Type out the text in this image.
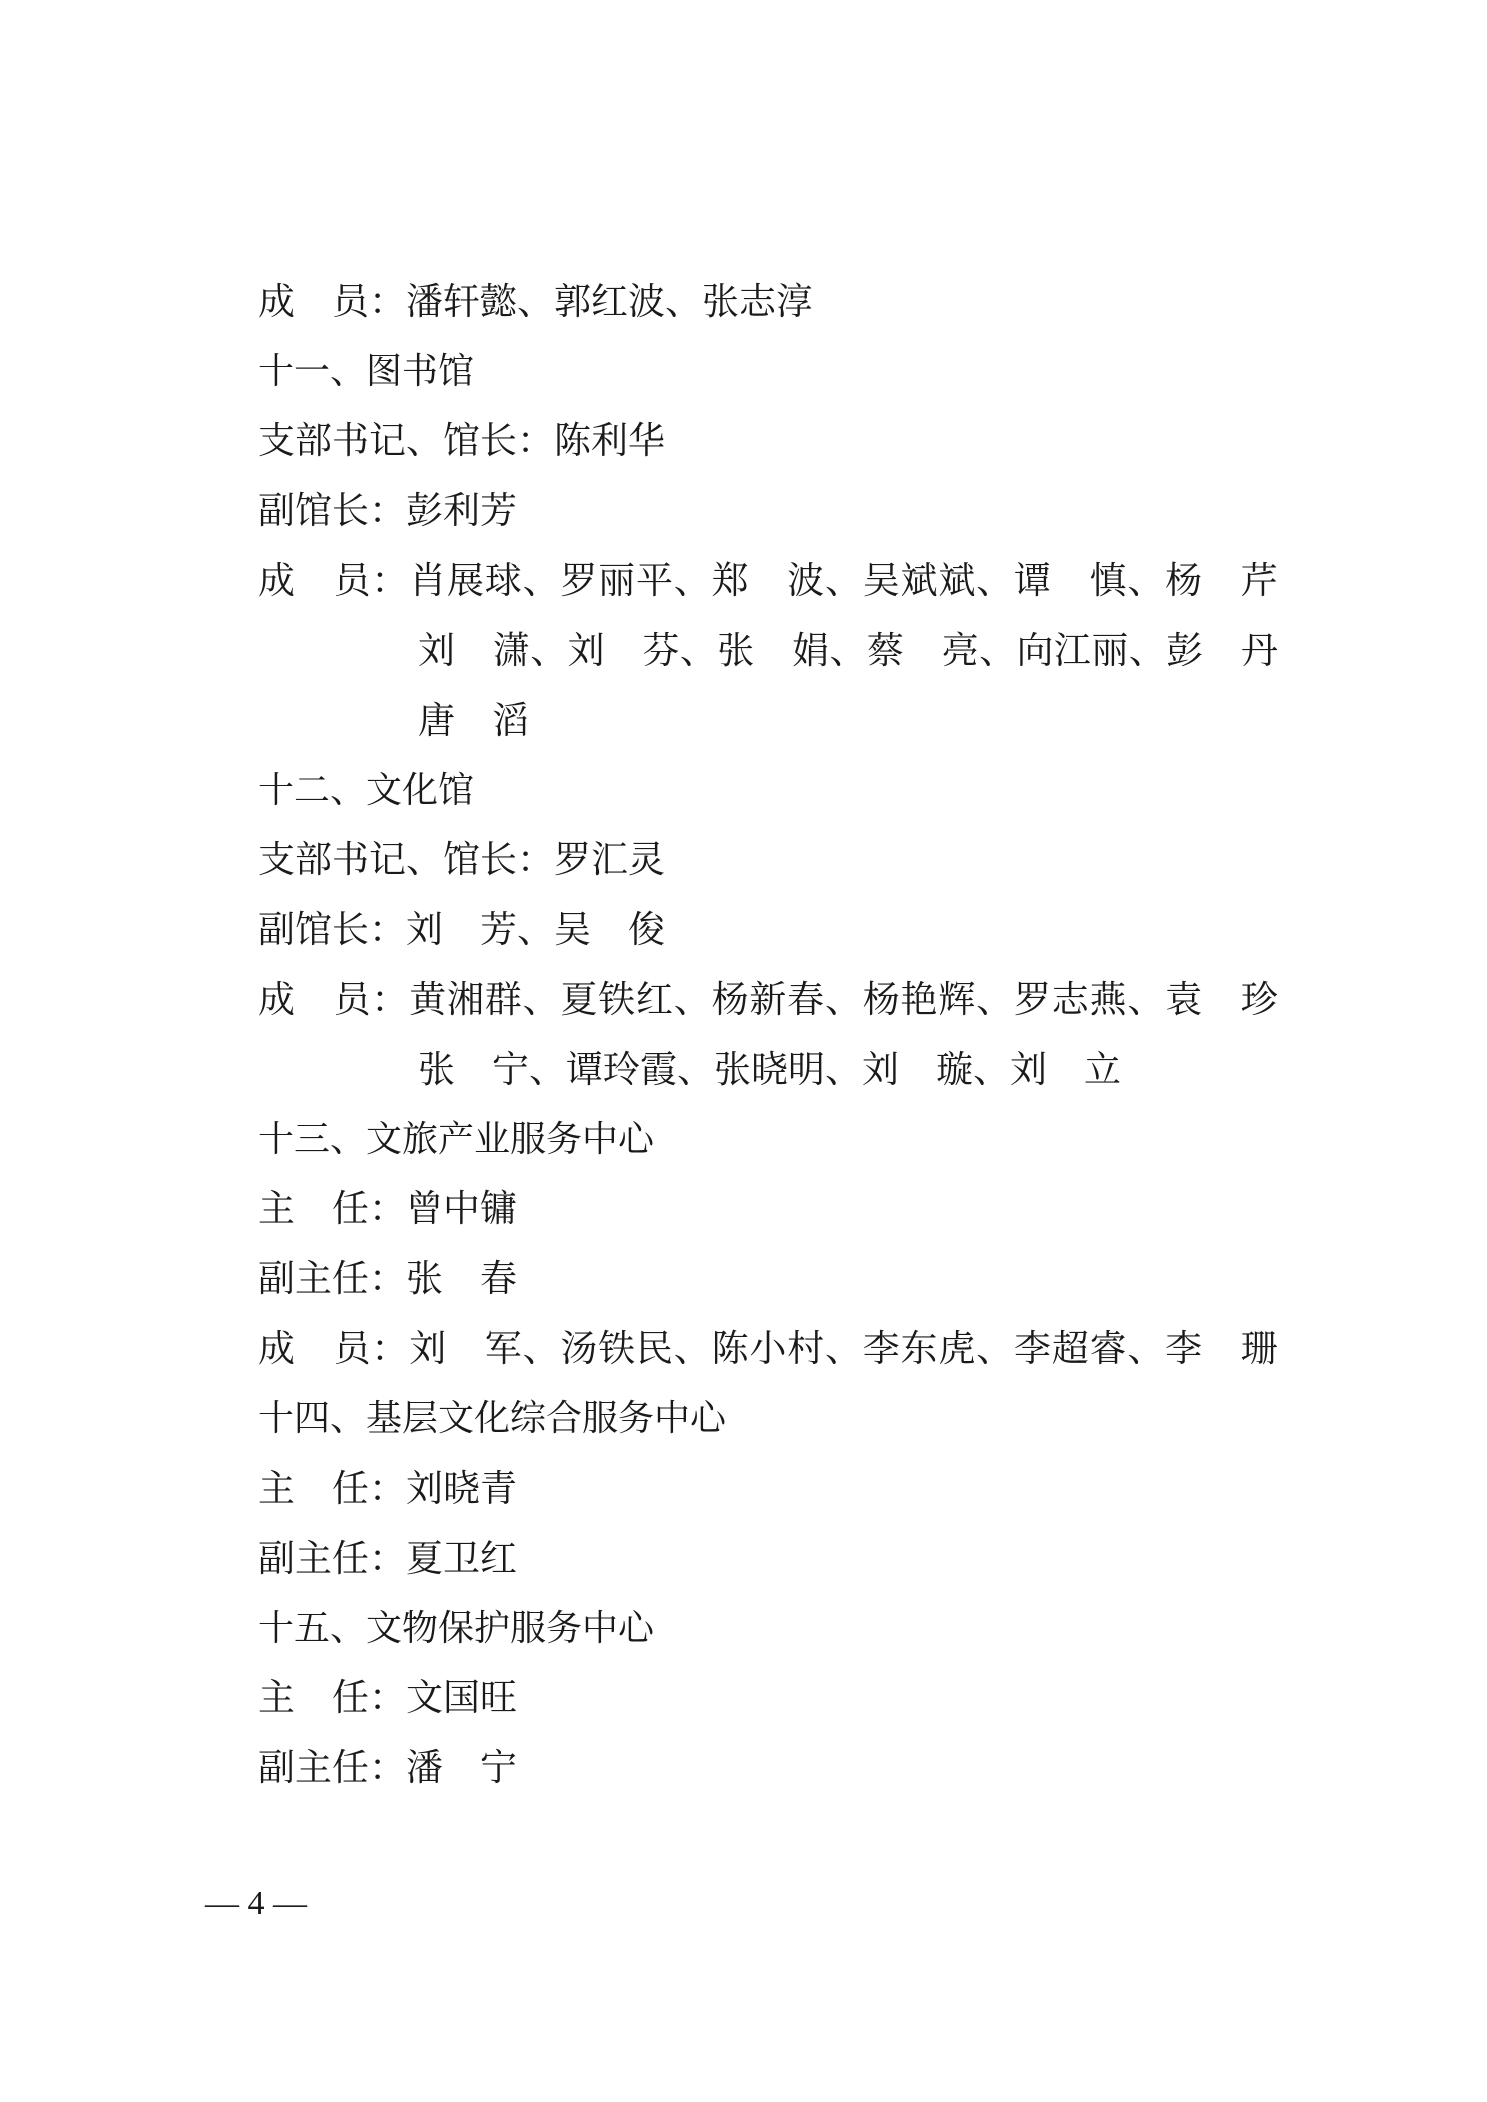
成　员：潘轩懿、郭红波、张志淳
十一、图书馆
支部书记、馆长：陈利华
副馆长：彭利芳
成
　 员 ： 肖 展 球 、 罗 丽 平 、 郑
　 波 、 吴 斌 斌 、 谭
　 慎 、 杨
　 芹
刘
　 潇 、 刘
　 芬 、 张
　 娟 、 蔡
　 亮 、 向 江 丽 、 彭
　 丹
唐　滔
十二、文化馆
支部书记、馆长：罗汇灵
副馆长：刘　芳、吴　俊
成
　 员 ： 黄 湘 群 、 夏 铁 红 、 杨 新 春 、 杨 艳 辉 、 罗 志 燕 、 袁
　 珍
张　宁、谭玲霞、张晓明、刘　璇、刘　立
十三、文旅产业服务中心
主　任：曾中镛
副主任：张　春
成
　 员 ： 刘
　 军 、 汤 铁 民 、 陈 小 村 、 李 东 虎 、 李 超 睿 、 李
　 珊
十四、基层文化综合服务中心
主　任：刘晓青
副主任：夏卫红
十五、文物保护服务中心
主　任：文国旺
副主任：潘　宁
— 4 —
